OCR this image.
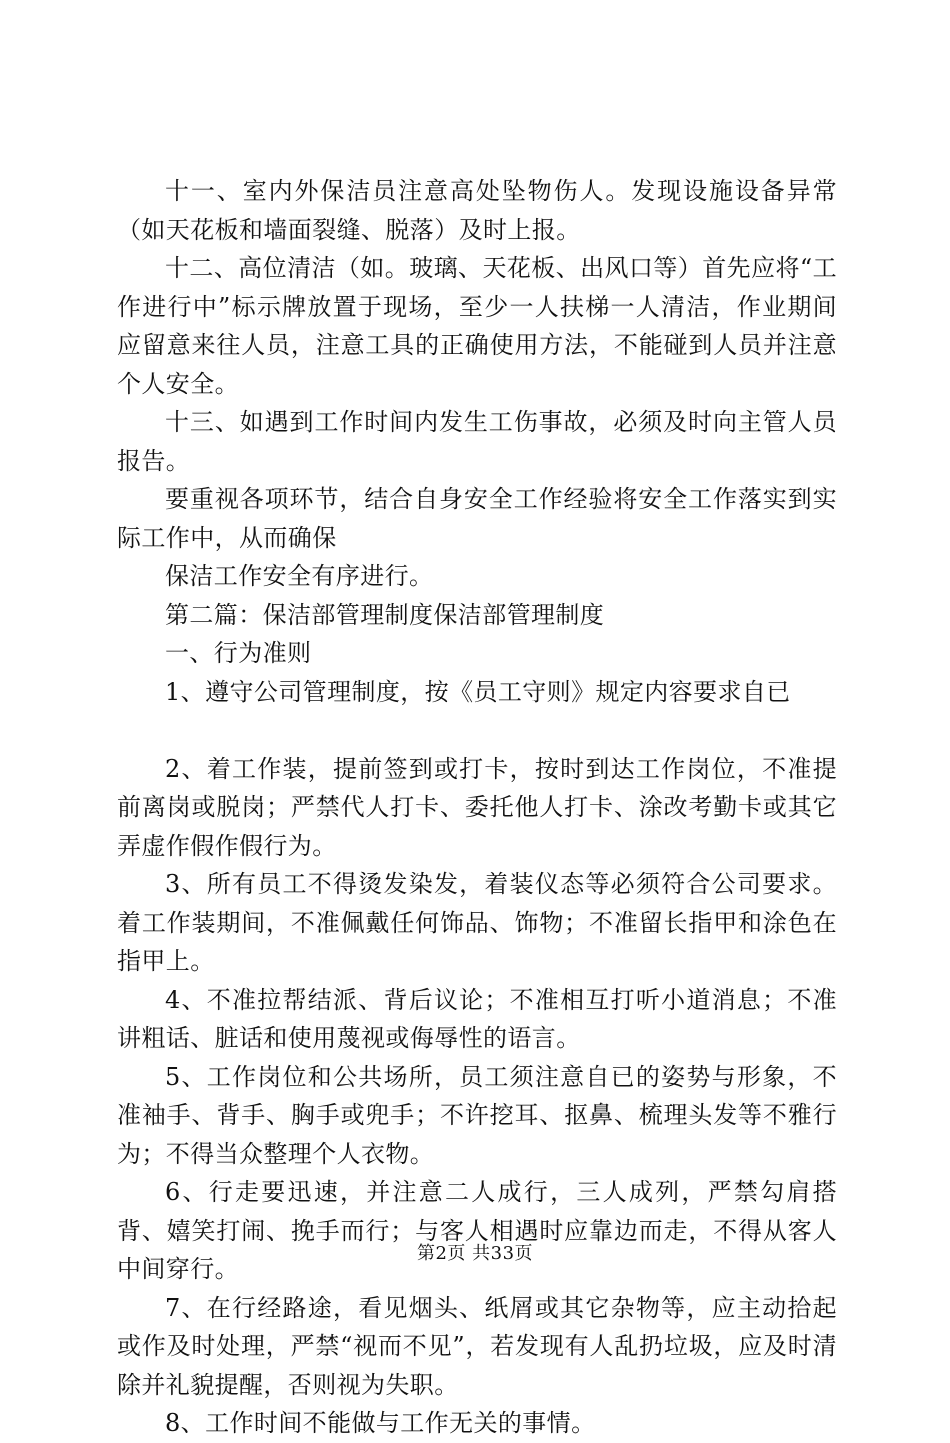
十一、室内外保洁员注意高处坠物伤人。发现设施设备异常（如天花板和墙面裂缝、脱落）及时上报。

十二、高位清洁（如。玻璃、天花板、出风口等）首先应将“工作进行中”标示牌放置于现场，至少一人扶梯一人清洁，作业期间应留意来往人员，注意工具的正确使用方法，不能碰到人员并注意个人安全。

十三、如遇到工作时间内发生工伤事故，必须及时向主管人员报告。

要重视各项环节，结合自身安全工作经验将安全工作落实到实际工作中，从而确保

保洁工作安全有序进行。

第二篇：保洁部管理制度保洁部管理制度

一、行为准则

1、遵守公司管理制度，按《员工守则》规定内容要求自已

2、着工作装，提前签到或打卡，按时到达工作岗位，不准提前离岗或脱岗；严禁代人打卡、委托他人打卡、涂改考勤卡或其它弄虚作假作假行为。

3、所有员工不得烫发染发，着装仪态等必须符合公司要求。着工作装期间，不准佩戴任何饰品、饰物；不准留长指甲和涂色在指甲上。

4、不准拉帮结派、背后议论；不准相互打听小道消息；不准讲粗话、脏话和使用蔑视或侮辱性的语言。

5、工作岗位和公共场所，员工须注意自已的姿势与形象，不准袖手、背手、胸手或兜手；不许挖耳、抠鼻、梳理头发等不雅行为；不得当众整理个人衣物。

6、行走要迅速，并注意二人成行，三人成列，严禁勾肩搭背、嬉笑打闹、挽手而行；与客人相遇时应靠边而走，不得从客人中间穿行。

7、在行经路途，看见烟头、纸屑或其它杂物等，应主动拾起或作及时处理，严禁“视而不见”，若发现有人乱扔垃圾，应及时清除并礼貌提醒，否则视为失职。

8、工作时间不能做与工作无关的事情。

第2页 共33页
